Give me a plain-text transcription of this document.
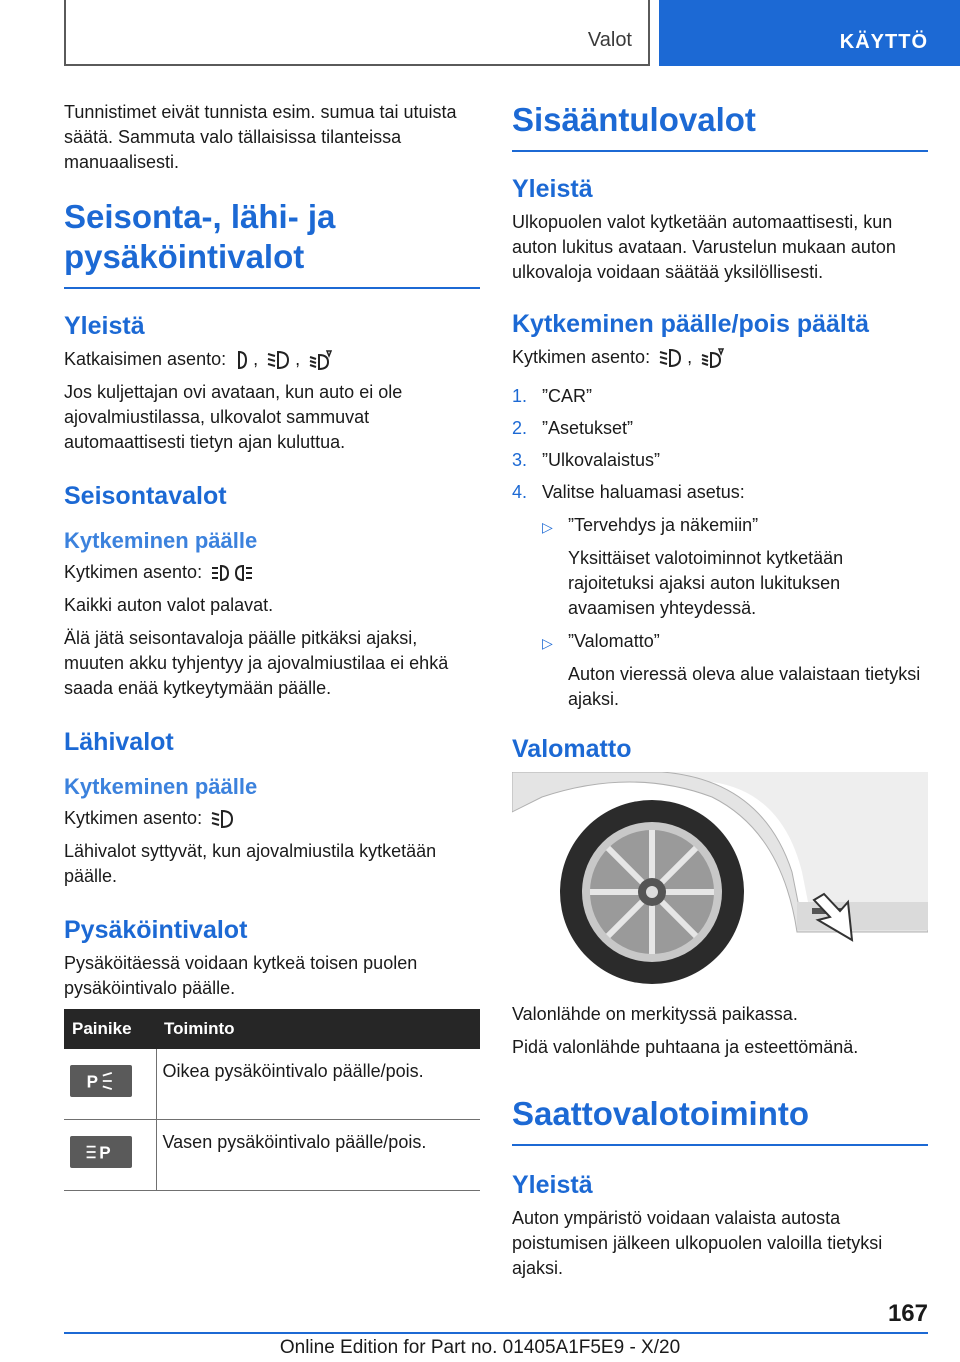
Valot	KÄYTTÖ

Tunnistimet eivät tunnista esim. sumua tai utuista säätä. Sammuta valo tällaisissa tilanteissa manuaalisesti.

Seisonta-, lähi- ja pysäköintivalot
Yleistä

Katkaisimen asento: , ,

Jos kuljettajan ovi avataan, kun auto ei ole ajovalmiustilassa, ulkovalot sammuvat automaattisesti tietyn ajan kuluttua.

Seisontavalot
Kytkeminen päälle

Kytkimen asento:

Kaikki auton valot palavat.

Älä jätä seisontavaloja päälle pitkäksi ajaksi, muuten akku tyhjentyy ja ajovalmiustilaa ei ehkä saada enää kytkeytymään päälle.

Lähivalot
Kytkeminen päälle

Kytkimen asento:

Lähivalot syttyvät, kun ajovalmiustila kytketään päälle.

Pysäköintivalot

Pysäköitäessä voidaan kytkeä toisen puolen pysäköintivalo päälle.

Painike	Toiminto

P	Oikea pysäköintivalo päälle/pois.

P	Vasen pysäköintivalo päälle/pois.
Sisääntulovalot
Yleistä

Ulkopuolen valot kytketään automaattisesti, kun auton lukitus avataan. Varustelun mukaan auton ulkovaloja voidaan säätää yksilöllisesti.

Kytkeminen päälle/pois päältä

Kytkimen asento: ,

1. ”CAR”
2. ”Asetukset”
3. ”Ulkovalaistus”
4. Valitse haluamasi asetus:
▷ ”Tervehdys ja näkemiin”
Yksittäiset valotoiminnot kytketään rajoitetuksi ajaksi auton lukituksen avaamisen yhteydessä.
▷ ”Valomatto”
Auton vieressä oleva alue valaistaan tietyksi ajaksi.
Valomatto

Valonlähde on merkityssä paikassa.

Pidä valonlähde puhtaana ja esteettömänä.

Saattovalotoiminto
Yleistä

Auton ympäristö voidaan valaista autosta poistumisen jälkeen ulkopuolen valoilla tietyksi ajaksi.

167
Online Edition for Part no. 01405A1F5E9 - X/20
